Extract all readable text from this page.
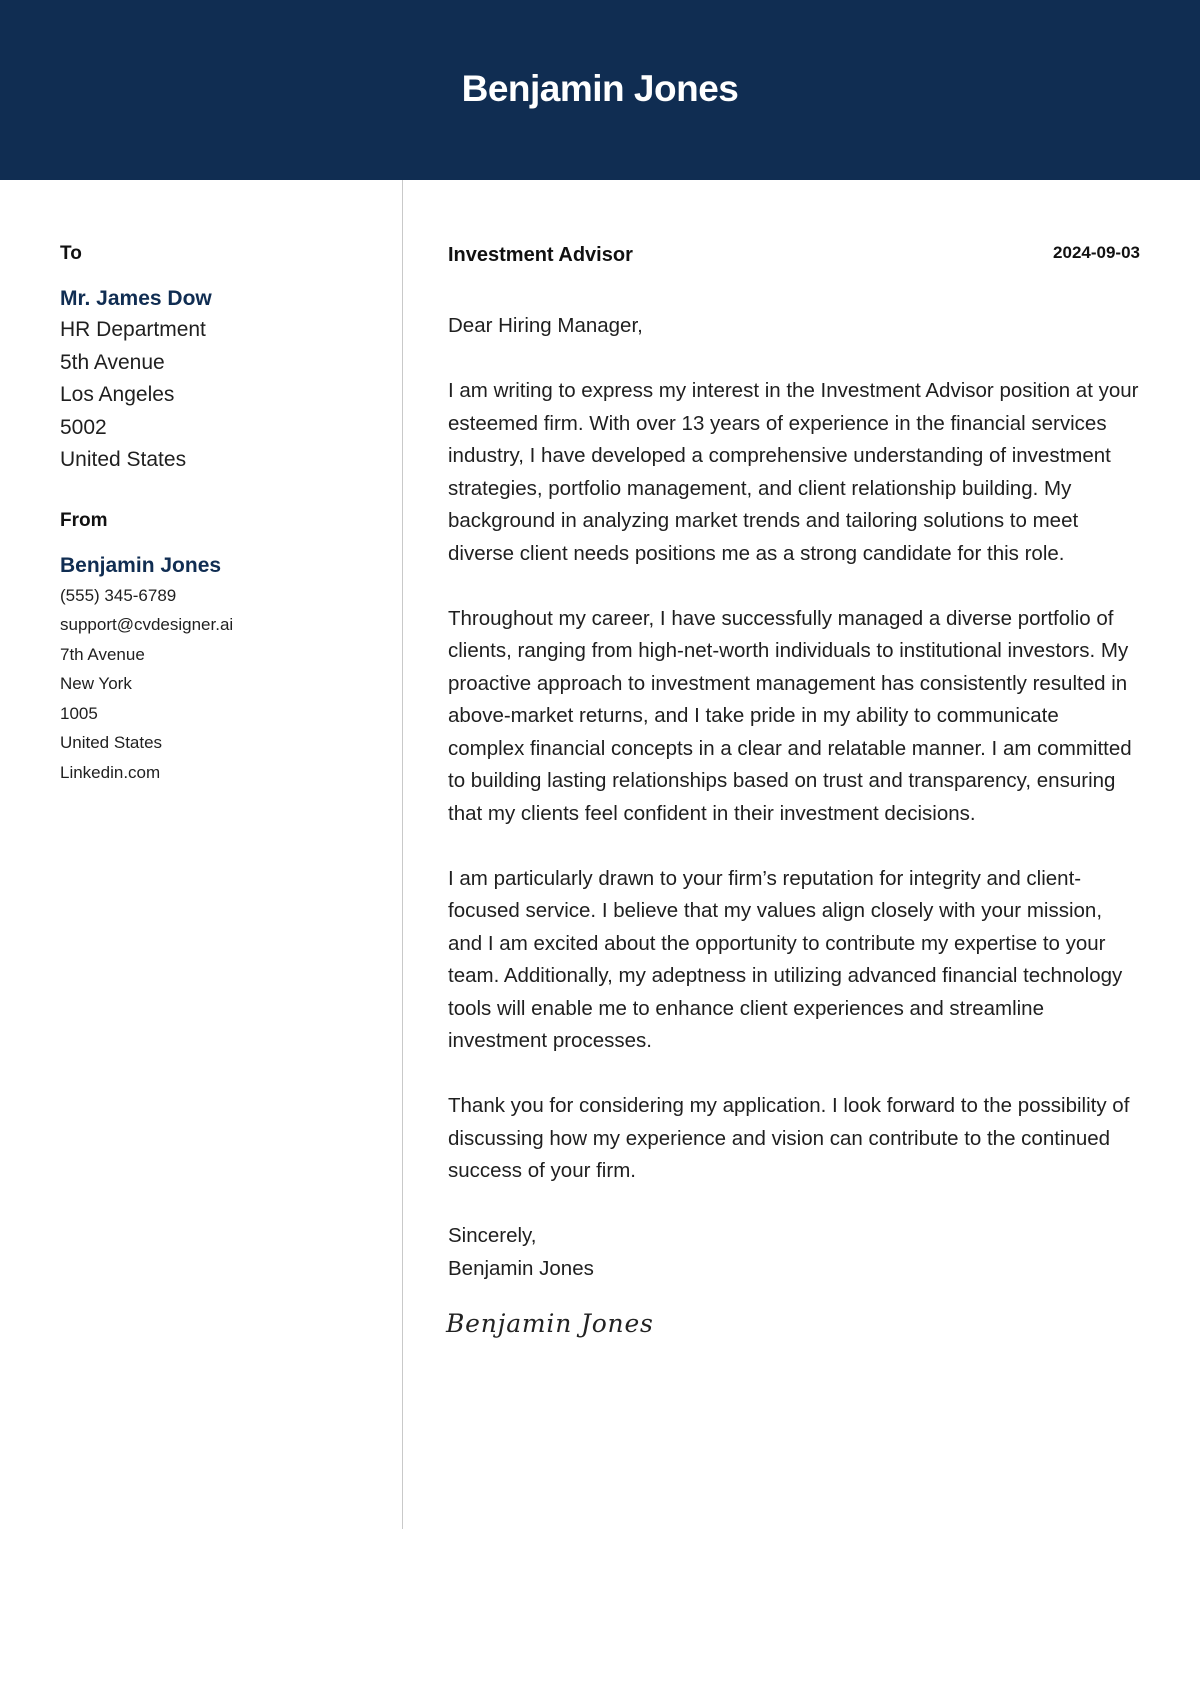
Benjamin Jones
To
Mr. James Dow
HR Department
5th Avenue
Los Angeles
5002
United States
From
Benjamin Jones
(555) 345-6789
support@cvdesigner.ai
7th Avenue
New York
1005
United States
Linkedin.com
Investment Advisor	2024-09-03
Dear Hiring Manager,
I am writing to express my interest in the Investment Advisor position at your esteemed firm. With over 13 years of experience in the financial services industry, I have developed a comprehensive understanding of investment strategies, portfolio management, and client relationship building. My background in analyzing market trends and tailoring solutions to meet diverse client needs positions me as a strong candidate for this role.
Throughout my career, I have successfully managed a diverse portfolio of clients, ranging from high-net-worth individuals to institutional investors. My proactive approach to investment management has consistently resulted in above-market returns, and I take pride in my ability to communicate complex financial concepts in a clear and relatable manner. I am committed to building lasting relationships based on trust and transparency, ensuring that my clients feel confident in their investment decisions.
I am particularly drawn to your firm’s reputation for integrity and client-focused service. I believe that my values align closely with your mission, and I am excited about the opportunity to contribute my expertise to your team. Additionally, my adeptness in utilizing advanced financial technology tools will enable me to enhance client experiences and streamline investment processes.
Thank you for considering my application. I look forward to the possibility of discussing how my experience and vision can contribute to the continued success of your firm.
Sincerely,
Benjamin Jones
Benjamin Jones
